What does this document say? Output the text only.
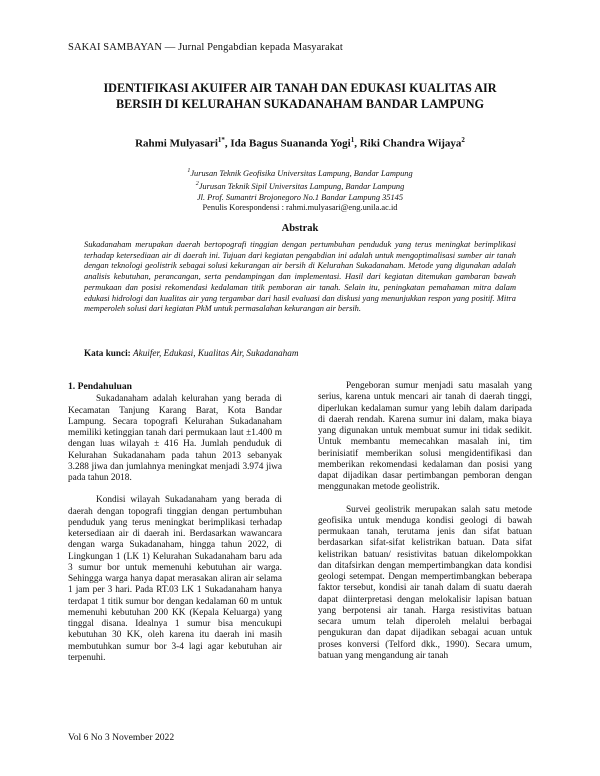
SAKAI SAMBAYAN — Jurnal Pengabdian kepada Masyarakat
IDENTIFIKASI AKUIFER AIR TANAH DAN EDUKASI KUALITAS AIR
BERSIH DI KELURAHAN SUKADANAHAM BANDAR LAMPUNG
Rahmi Mulyasari$^{1*}$, Ida Bagus Suananda Yogi$^1$, Riki Chandra Wijaya$^2$
$^1$Jurusan Teknik Geofisika Universitas Lampung, Bandar Lampung
$^2$Jurusan Teknik Sipil Universitas Lampung, Bandar Lampung
Jl. Prof. Sumantri Brojonegoro No.1 Bandar Lampung 35145
Penulis Korespondensi : rahmi.mulyasari@eng.unila.ac.id
Abstrak
Sukadanaham merupakan daerah bertopografi tinggian dengan pertumbuhan penduduk yang terus meningkat berimplikasi terhadap ketersediaan air di daerah ini. Tujuan dari kegiatan pengabdian ini adalah untuk mengoptimalisasi sumber air tanah dengan teknologi geolistrik sebagai solusi kekurangan air bersih di Kelurahan Sukadanaham. Metode yang digunakan adalah analisis kebutuhan, perancangan, serta pendampingan dan implementasi. Hasil dari kegiatan ditemukan gambaran bawah permukaan dan posisi rekomendasi kedalaman titik pemboran air tanah. Selain itu, peningkatan pemahaman mitra dalam edukasi hidrologi dan kualitas air yang tergambar dari hasil evaluasi dan diskusi yang menunjukkan respon yang positif. Mitra memperoleh solusi dari kegiatan PkM untuk permasalahan kekurangan air bersih.
Kata kunci: Akuifer, Edukasi, Kualitas Air, Sukadanaham
1. Pendahuluan

Sukadanaham adalah kelurahan yang berada di Kecamatan Tanjung Karang Barat, Kota Bandar Lampung. Secara topografi Kelurahan Sukadanaham memiliki ketinggian tanah dari permukaan laut ±1.400 m dengan luas wilayah ± 416 Ha. Jumlah penduduk di Kelurahan Sukadanaham pada tahun 2013 sebanyak 3.288 jiwa dan jumlahnya meningkat menjadi 3.974 jiwa pada tahun 2018.

Kondisi wilayah Sukadanaham yang berada di daerah dengan topografi tinggian dengan pertumbuhan penduduk yang terus meningkat berimplikasi terhadap ketersediaan air di daerah ini. Berdasarkan wawancara dengan warga Sukadanaham, hingga tahun 2022, di Lingkungan 1 (LK 1) Kelurahan Sukadanaham baru ada 3 sumur bor untuk memenuhi kebutuhan air warga. Sehingga warga hanya dapat merasakan aliran air selama 1 jam per 3 hari. Pada RT.03 LK 1 Sukadanaham hanya terdapat 1 titik sumur bor dengan kedalaman 60 m untuk memenuhi kebutuhan 200 KK (Kepala Keluarga) yang tinggal disana. Idealnya 1 sumur bisa mencukupi kebutuhan 30 KK, oleh karena itu daerah ini masih membutuhkan sumur bor 3-4 lagi agar kebutuhan air terpenuhi.

Pengeboran sumur menjadi satu masalah yang serius, karena untuk mencari air tanah di daerah tinggi, diperlukan kedalaman sumur yang lebih dalam daripada di daerah rendah. Karena sumur ini dalam, maka biaya yang digunakan untuk membuat sumur ini tidak sedikit. Untuk membantu memecahkan masalah ini, tim berinisiatif memberikan solusi mengidentifikasi dan memberikan rekomendasi kedalaman dan posisi yang dapat dijadikan dasar pertimbangan pemboran dengan menggunakan metode geolistrik.

Survei geolistrik merupakan salah satu metode geofisika untuk menduga kondisi geologi di bawah permukaan tanah, terutama jenis dan sifat batuan berdasarkan sifat-sifat kelistrikan batuan. Data sifat kelistrikan batuan/ resistivitas batuan dikelompokkan dan ditafsirkan dengan mempertimbangkan data kondisi geologi setempat. Dengan mempertimbangkan beberapa faktor tersebut, kondisi air tanah dalam di suatu daerah dapat diinterpretasi dengan melokalisir lapisan batuan yang berpotensi air tanah. Harga resistivitas batuan secara umum telah diperoleh melalui berbagai pengukuran dan dapat dijadikan sebagai acuan untuk proses konversi (Telford dkk., 1990). Secara umum, batuan yang mengandung air tanah

Vol 6 No 3 November 2022
